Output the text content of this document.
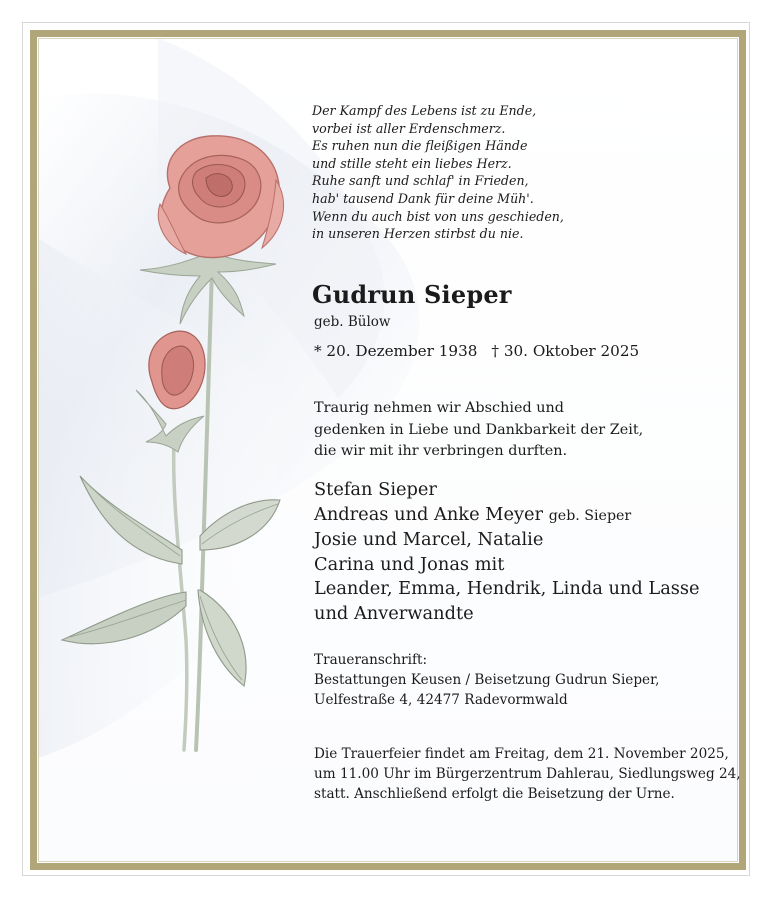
Der Kampf des Lebens ist zu Ende,
vorbei ist aller Erdenschmerz.
Es ruhen nun die fleißigen Hände
und stille steht ein liebes Herz.
Ruhe sanft und schlaf' in Frieden,
hab' tausend Dank für deine Müh'.
Wenn du auch bist von uns geschieden,
in unseren Herzen stirbst du nie.

Gudrun Sieper
geb. Bülow
* 20. Dezember 1938 † 30. Oktober 2025
Traurig nehmen wir Abschied und
gedenken in Liebe und Dankbarkeit der Zeit,
die wir mit ihr verbringen durften.
Stefan Sieper
Andreas und Anke Meyer geb. Sieper
Josie und Marcel, Natalie
Carina und Jonas mit
Leander, Emma, Hendrik, Linda und Lasse
und Anverwandte
Traueranschrift:
Bestattungen Keusen / Beisetzung Gudrun Sieper,
Uelfestraße 4, 42477 Radevormwald
Die Trauerfeier findet am Freitag, dem 21. November 2025,
um 11.00 Uhr im Bürgerzentrum Dahlerau, Siedlungsweg 24,
statt. Anschließend erfolgt die Beisetzung der Urne.
